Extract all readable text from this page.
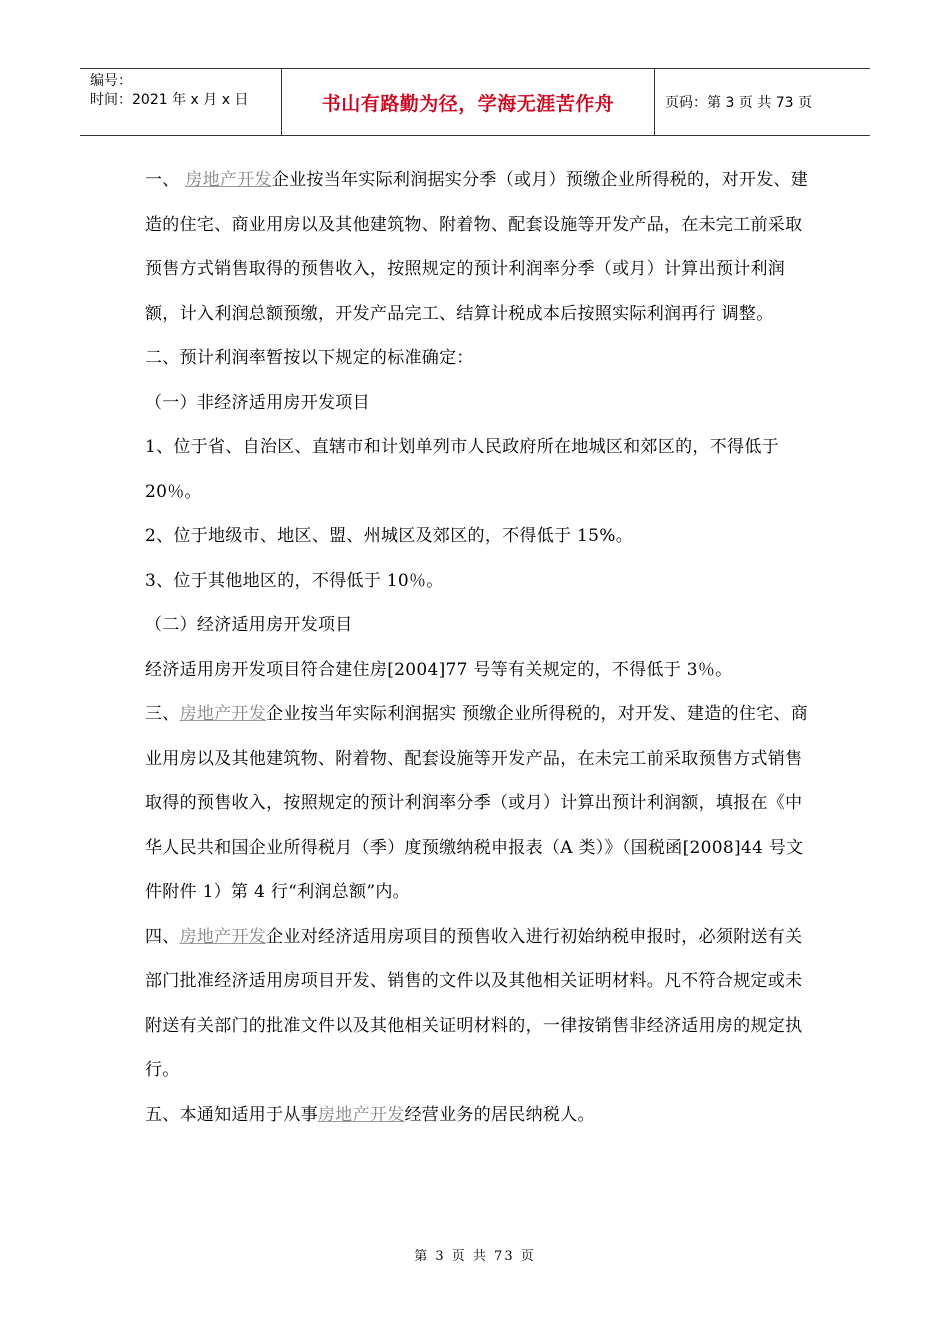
编号：
时间：2021 年 x 月 x 日	书山有路勤为径，学海无涯苦作舟	页码：第 3 页 共 73 页

一、 房地产开发企业按当年实际利润据实分季（或月）预缴企业所得税的，对开发、建造的住宅、商业用房以及其他建筑物、附着物、配套设施等开发产品，在未完工前采取预售方式销售取得的预售收入，按照规定的预计利润率分季（或月）计算出预计利润额，计入利润总额预缴，开发产品完工、结算计税成本后按照实际利润再行 调整。

二、预计利润率暂按以下规定的标准确定：

（一）非经济适用房开发项目

1、位于省、自治区、直辖市和计划单列市人民政府所在地城区和郊区的，不得低于 20％。

2、位于地级市、地区、盟、州城区及郊区的，不得低于 15%。

3、位于其他地区的，不得低于 10％。

（二）经济适用房开发项目

经济适用房开发项目符合建住房[2004]77 号等有关规定的，不得低于 3％。

三、房地产开发企业按当年实际利润据实 预缴企业所得税的，对开发、建造的住宅、商业用房以及其他建筑物、附着物、配套设施等开发产品，在未完工前采取预售方式销售取得的预售收入，按照规定的预计利润率分季（或月）计算出预计利润额，填报在《中华人民共和国企业所得税月（季）度预缴纳税申报表（A 类）》（国税函[2008]44 号文件附件 1）第 4 行“利润总额”内。

四、房地产开发企业对经济适用房项目的预售收入进行初始纳税申报时，必须附送有关部门批准经济适用房项目开发、销售的文件以及其他相关证明材料。凡不符合规定或未附送有关部门的批准文件以及其他相关证明材料的，一律按销售非经济适用房的规定执行。

五、本通知适用于从事房地产开发经营业务的居民纳税人。

第 3 页 共 73 页
